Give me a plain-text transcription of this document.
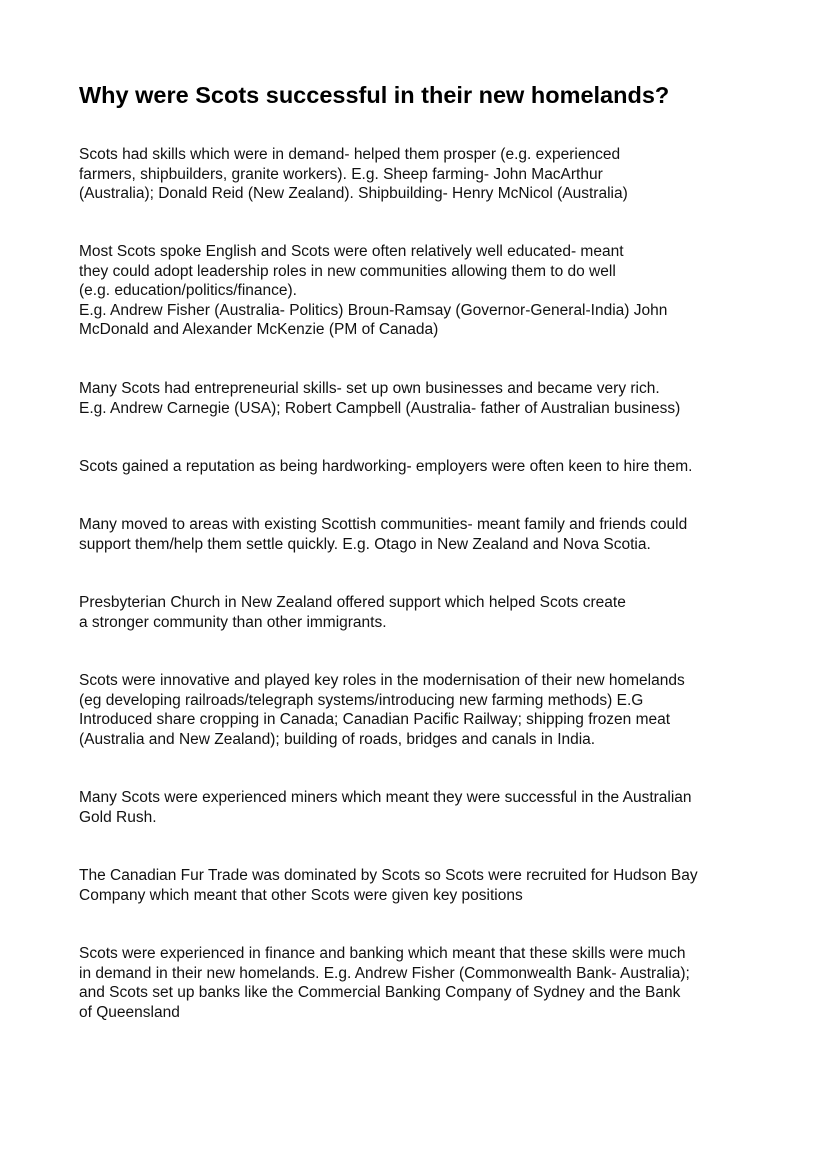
Why were Scots successful in their new homelands?
Scots had skills which were in demand- helped them prosper (e.g. experienced
farmers, shipbuilders, granite workers). E.g. Sheep farming- John MacArthur
(Australia); Donald Reid (New Zealand). Shipbuilding- Henry McNicol (Australia)
Most Scots spoke English and Scots were often relatively well educated- meant
they could adopt leadership roles in new communities allowing them to do well
(e.g. education/politics/finance).
E.g. Andrew Fisher (Australia- Politics) Broun-Ramsay (Governor-General-India) John
McDonald and Alexander McKenzie (PM of Canada)
Many Scots had entrepreneurial skills- set up own businesses and became very rich.
E.g. Andrew Carnegie (USA); Robert Campbell (Australia- father of Australian business)
Scots gained a reputation as being hardworking- employers were often keen to hire them.
Many moved to areas with existing Scottish communities- meant family and friends could
support them/help them settle quickly. E.g. Otago in New Zealand and Nova Scotia.
Presbyterian Church in New Zealand offered support which helped Scots create
a stronger community than other immigrants.
Scots were innovative and played key roles in the modernisation of their new homelands
(eg developing railroads/telegraph systems/introducing new farming methods) E.G
Introduced share cropping in Canada; Canadian Pacific Railway; shipping frozen meat
(Australia and New Zealand); building of roads, bridges and canals in India.
Many Scots were experienced miners which meant they were successful in the Australian
Gold Rush.
The Canadian Fur Trade was dominated by Scots so Scots were recruited for Hudson Bay
Company which meant that other Scots were given key positions
Scots were experienced in finance and banking which meant that these skills were much
in demand in their new homelands. E.g. Andrew Fisher (Commonwealth Bank- Australia);
and Scots set up banks like the Commercial Banking Company of Sydney and the Bank
of Queensland
